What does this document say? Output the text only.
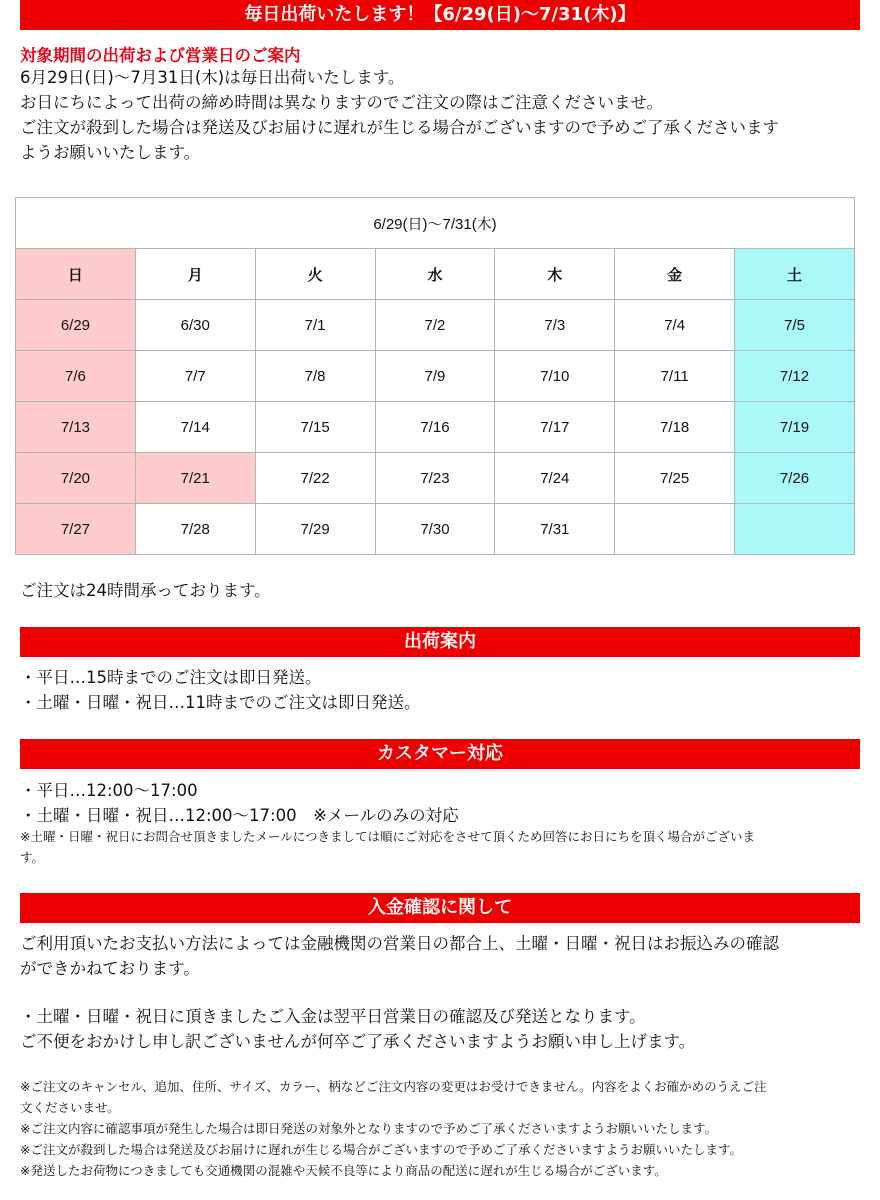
毎日出荷いたします！【6/29(日)～7/31(木)】
対象期間の出荷および営業日のご案内
6月29日(日)～7月31日(木)は毎日出荷いたします。
お日にちによって出荷の締め時間は異なりますのでご注文の際はご注意くださいませ。
ご注文が殺到した場合は発送及びお届けに遅れが生じる場合がございますので予めご了承くださいます
ようお願いいたします。
6/29(日)～7/31(木)						
日	月	火	水	木	金	土
6/29	6/30	7/1	7/2	7/3	7/4	7/5
7/6	7/7	7/8	7/9	7/10	7/11	7/12
7/13	7/14	7/15	7/16	7/17	7/18	7/19
7/20	7/21	7/22	7/23	7/24	7/25	7/26
7/27	7/28	7/29	7/30	7/31		
ご注文は24時間承っております。
出荷案内
・平日…15時までのご注文は即日発送。
・土曜・日曜・祝日…11時までのご注文は即日発送。
カスタマー対応
・平日…12:00～17:00
・土曜・日曜・祝日…12:00～17:00　※メールのみの対応
※土曜・日曜・祝日にお問合せ頂きましたメールにつきましては順にご対応をさせて頂くため回答にお日にちを頂く場合がございま
す。
入金確認に関して
ご利用頂いたお支払い方法によっては金融機関の営業日の都合上、土曜・日曜・祝日はお振込みの確認
ができかねております。
・土曜・日曜・祝日に頂きましたご入金は翌平日営業日の確認及び発送となります。
ご不便をおかけし申し訳ございませんが何卒ご了承くださいますようお願い申し上げます。
※ご注文のキャンセル、追加、住所、サイズ、カラー、柄などご注文内容の変更はお受けできません。内容をよくお確かめのうえご注
文くださいませ。
※ご注文内容に確認事項が発生した場合は即日発送の対象外となりますので予めご了承くださいますようお願いいたします。
※ご注文が殺到した場合は発送及びお届けに遅れが生じる場合がございますので予めご了承くださいますようお願いいたします。
※発送したお荷物につきましても交通機関の混雑や天候不良等により商品の配送に遅れが生じる場合がございます。
